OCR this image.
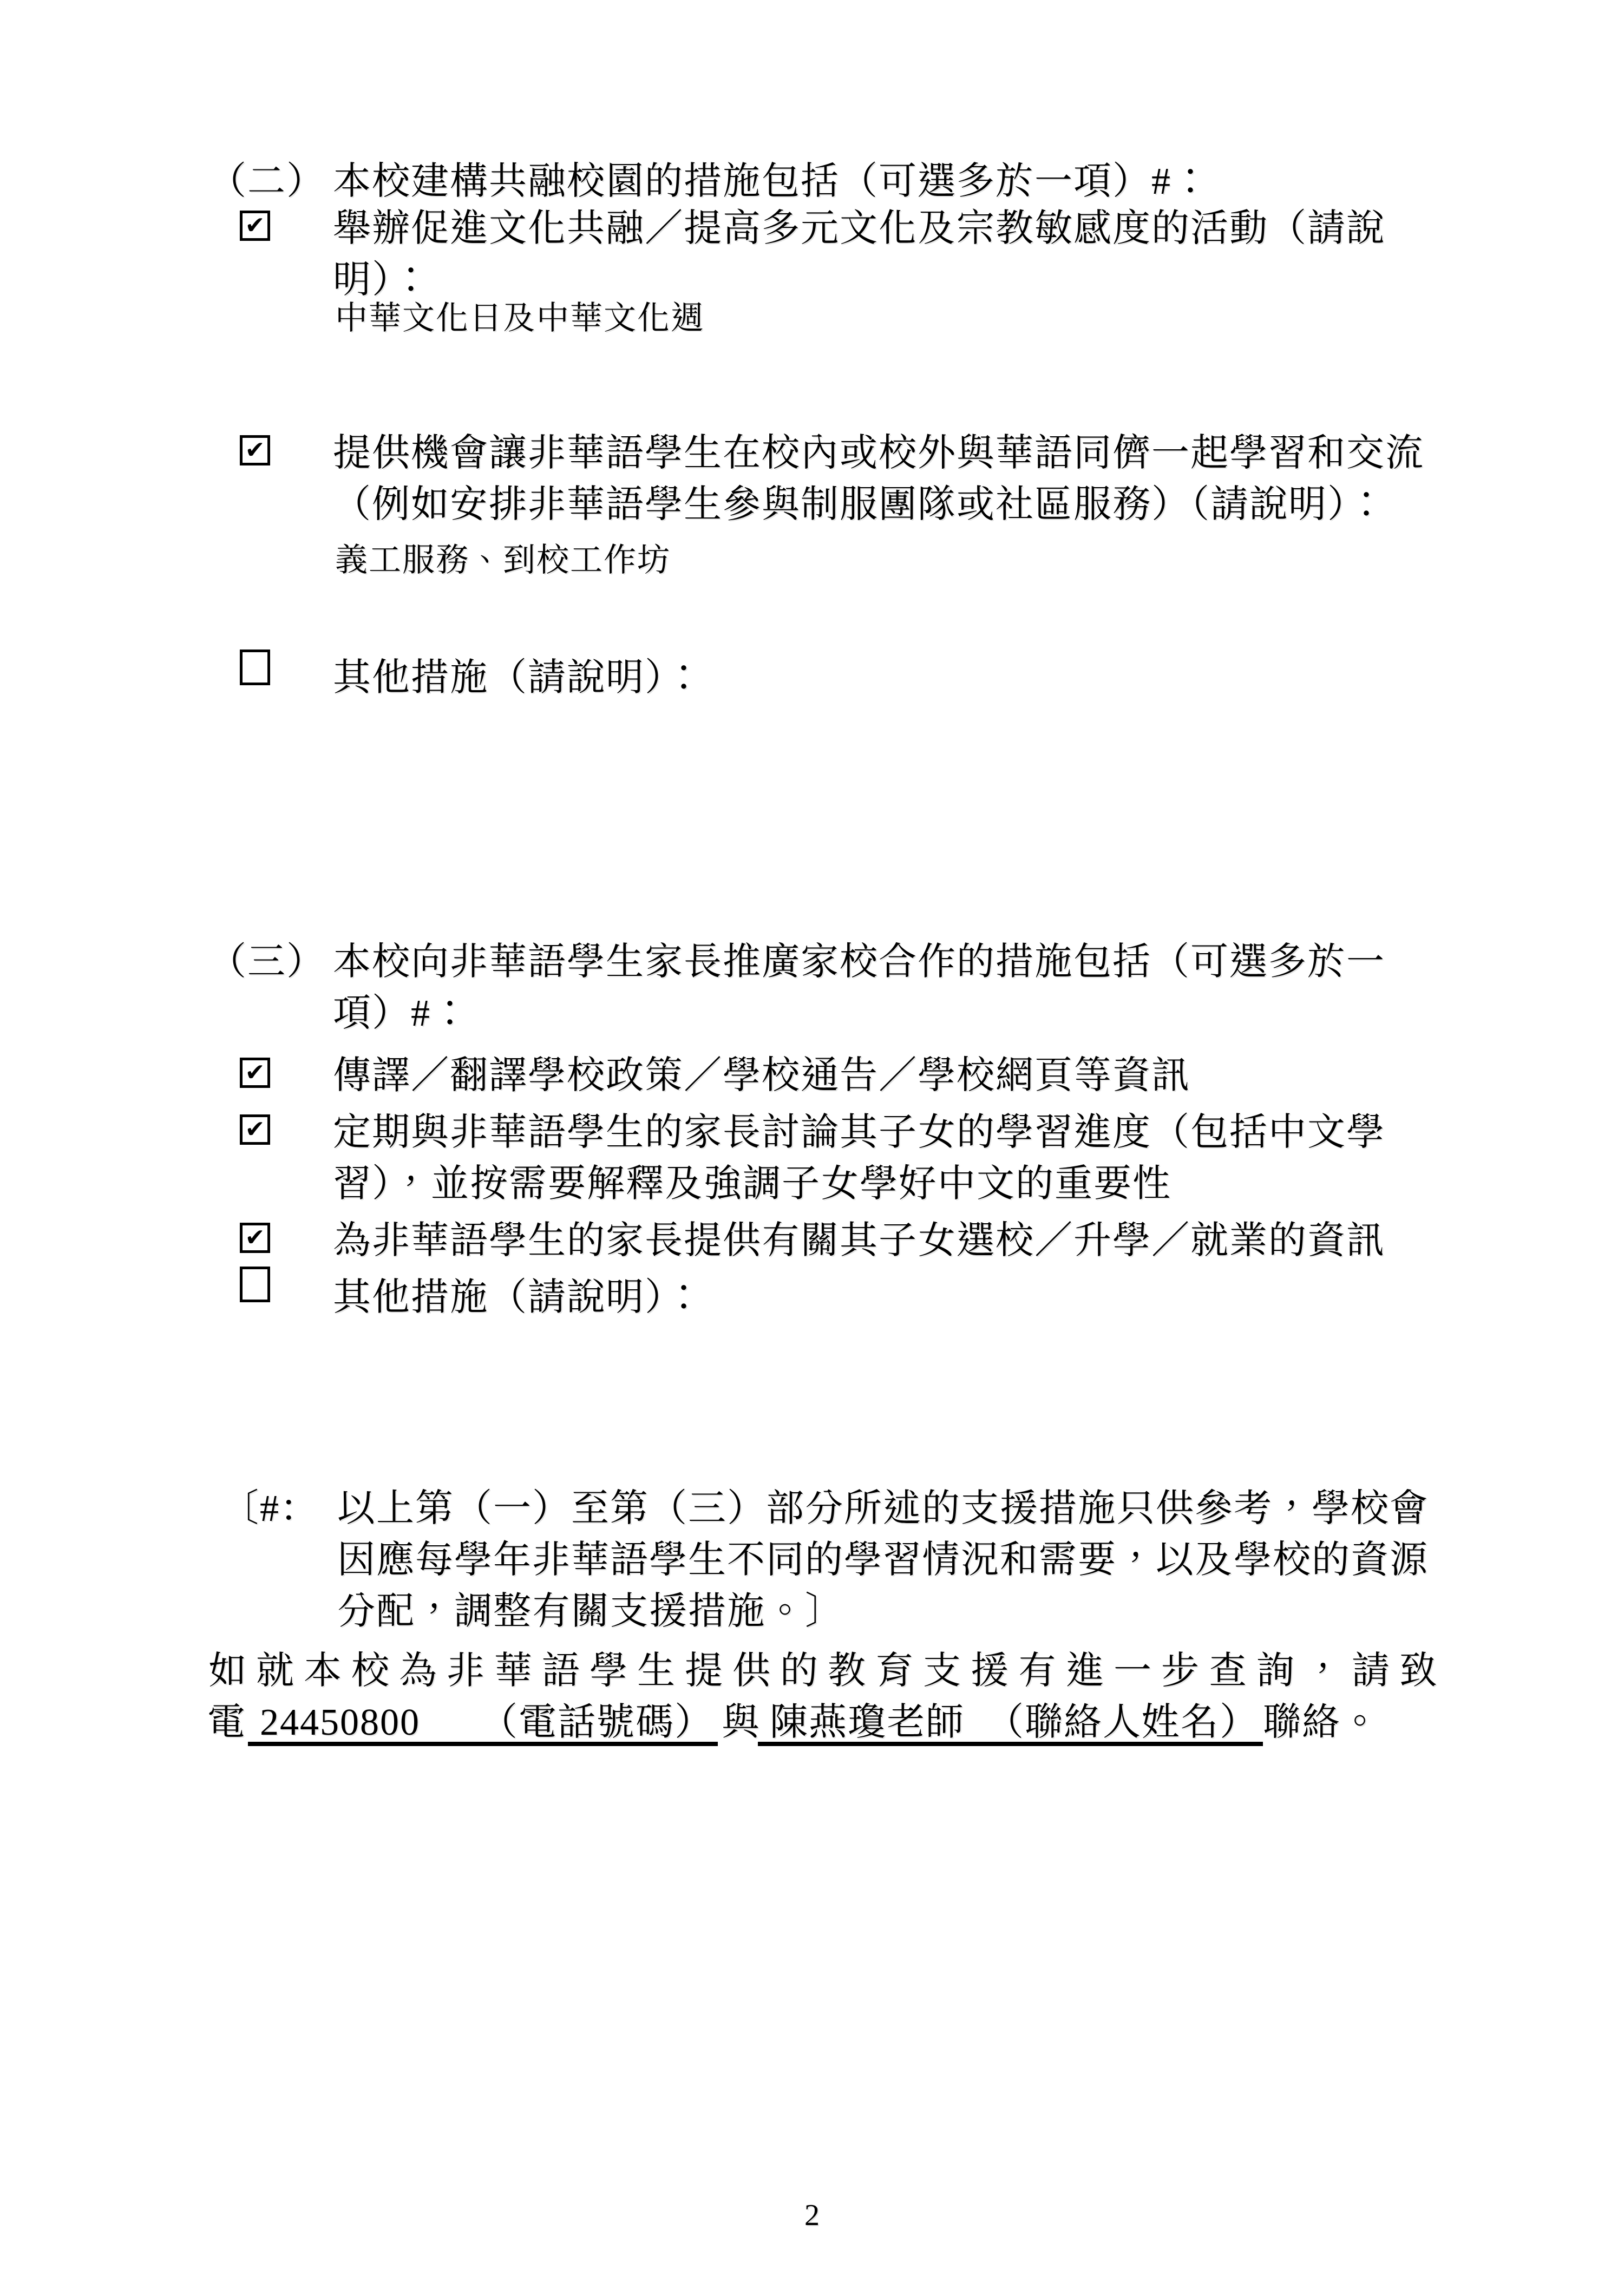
（二） 本校建構共融校園的措施包括（可選多於一項）#：
✔ 舉辦促進文化共融／提高多元文化及宗教敏感度的活動（請說
明）：
中華文化日及中華文化週
✔ 提供機會讓非華語學生在校內或校外與華語同儕一起學習和交流
（例如安排非華語學生參與制服團隊或社區服務）（請說明）：
義工服務、到校工作坊
其他措施（請說明）：
（三） 本校向非華語學生家長推廣家校合作的措施包括（可選多於一
項）#：
✔ 傳譯／翻譯學校政策／學校通告／學校網頁等資訊
✔ 定期與非華語學生的家長討論其子女的學習進度（包括中文學
習），並按需要解釋及強調子女學好中文的重要性
✔ 為非華語學生的家長提供有關其子女選校／升學／就業的資訊
其他措施（請說明）：
〔#： 以上第（一）至第（三）部分所述的支援措施只供參考，學校會
因應每學年非華語學生不同的學習情況和需要，以及學校的資源
分配，調整有關支援措施。〕
如就本校為非華語學生提供的教育支援有進一步查詢，請致
電 24450800 （電話號碼） 與 陳燕瓊老師 （聯絡人姓名） 聯絡。
2
